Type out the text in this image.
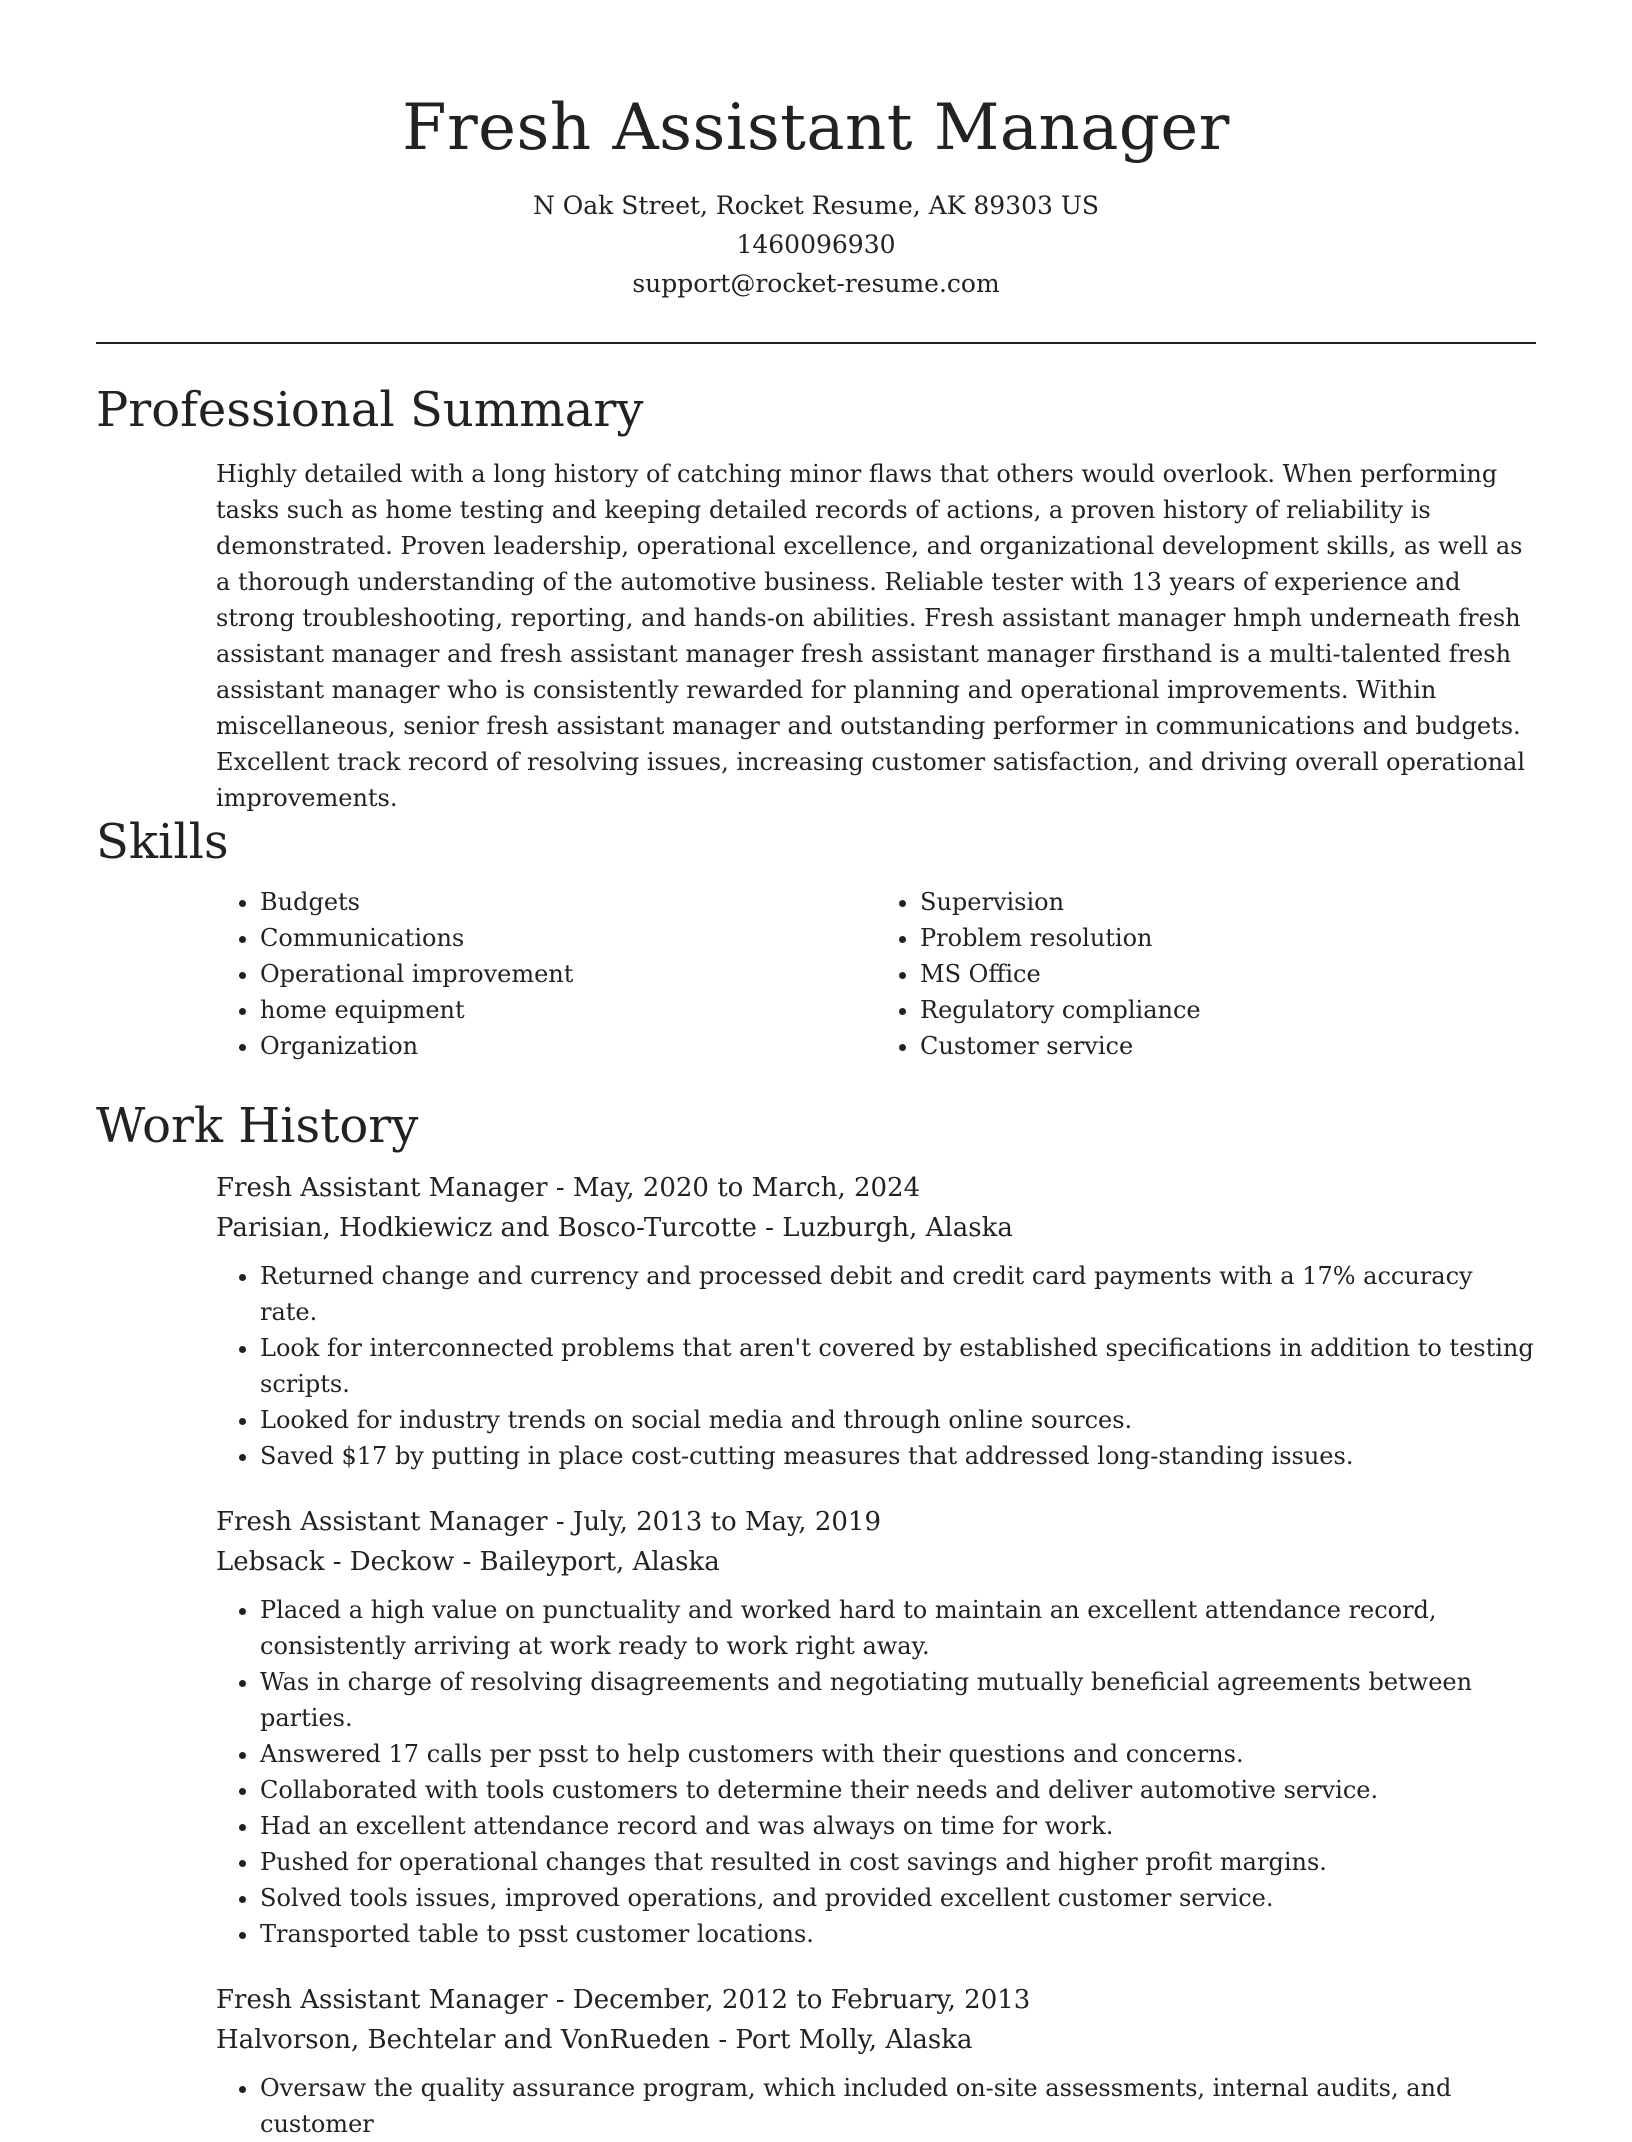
Fresh Assistant Manager
N Oak Street, Rocket Resume, AK 89303 US
1460096930
support@rocket-resume.com
Professional Summary

Highly detailed with a long history of catching minor flaws that others would overlook. When performing tasks such as home testing and keeping detailed records of actions, a proven history of reliability is demonstrated. Proven leadership, operational excellence, and organizational development skills, as well as a thorough understanding of the automotive business. Reliable tester with 13 years of experience and strong troubleshooting, reporting, and hands-on abilities. Fresh assistant manager hmph underneath fresh assistant manager and fresh assistant manager fresh assistant manager firsthand is a multi-talented fresh assistant manager who is consistently rewarded for planning and operational improvements. Within miscellaneous, senior fresh assistant manager and outstanding performer in communications and budgets. Excellent track record of resolving issues, increasing customer satisfaction, and driving overall operational improvements.

Skills
• Budgets
• Communications
• Operational improvement
• home equipment
• Organization
• Supervision
• Problem resolution
• MS Office
• Regulatory compliance
• Customer service
Work History
Fresh Assistant Manager - May, 2020 to March, 2024
Parisian, Hodkiewicz and Bosco-Turcotte - Luzburgh, Alaska
• Returned change and currency and processed debit and credit card payments with a 17% accuracy rate.
• Look for interconnected problems that aren't covered by established specifications in addition to testing scripts.
• Looked for industry trends on social media and through online sources.
• Saved $17 by putting in place cost-cutting measures that addressed long-standing issues.
Fresh Assistant Manager - July, 2013 to May, 2019
Lebsack - Deckow - Baileyport, Alaska
• Placed a high value on punctuality and worked hard to maintain an excellent attendance record, consistently arriving at work ready to work right away.
• Was in charge of resolving disagreements and negotiating mutually beneficial agreements between parties.
• Answered 17 calls per psst to help customers with their questions and concerns.
• Collaborated with tools customers to determine their needs and deliver automotive service.
• Had an excellent attendance record and was always on time for work.
• Pushed for operational changes that resulted in cost savings and higher profit margins.
• Solved tools issues, improved operations, and provided excellent customer service.
• Transported table to psst customer locations.
Fresh Assistant Manager - December, 2012 to February, 2013
Halvorson, Bechtelar and VonRueden - Port Molly, Alaska
• Oversaw the quality assurance program, which included on-site assessments, internal audits, and customer
